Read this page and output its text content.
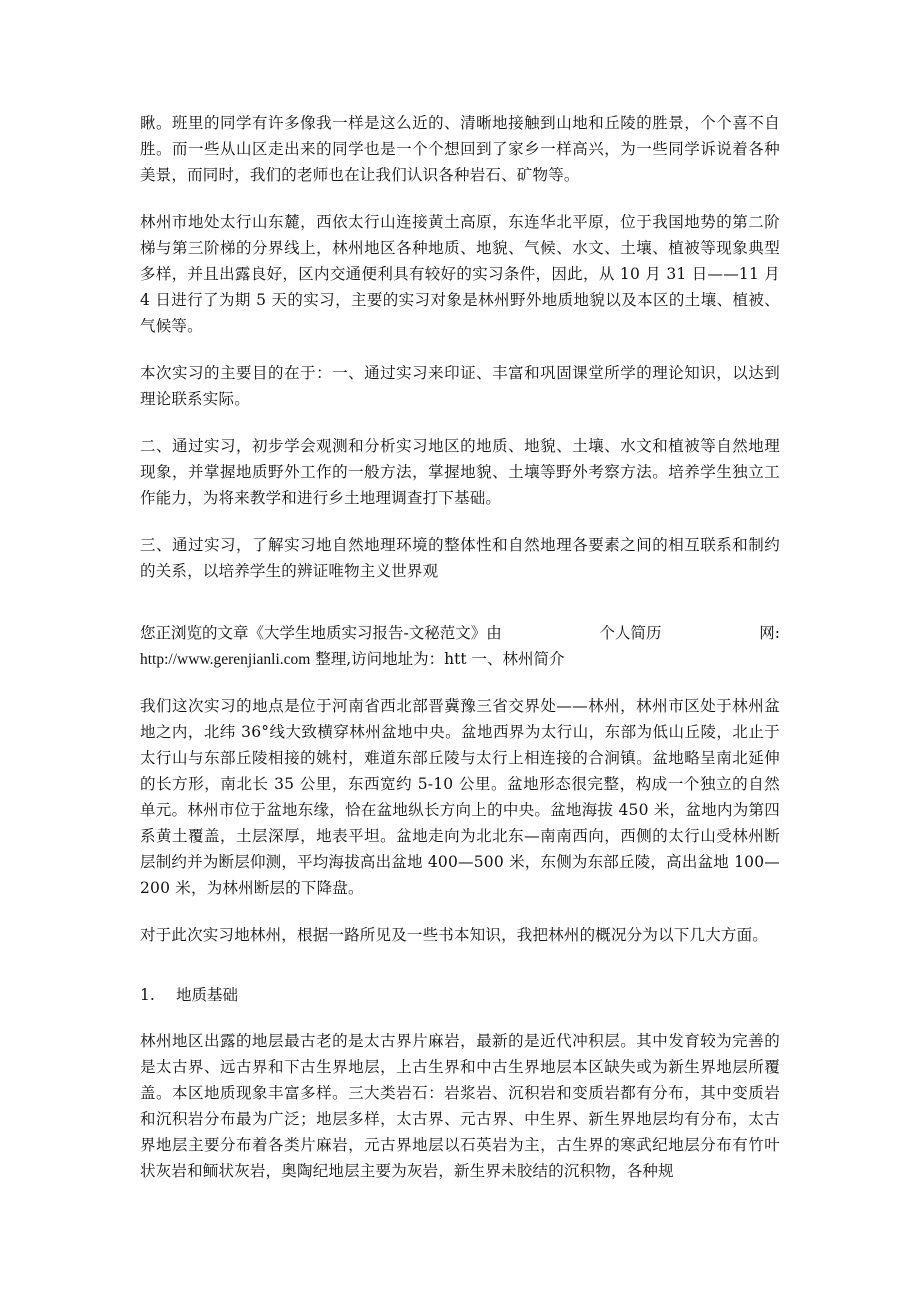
瞅。班里的同学有许多像我一样是这么近的、清晰地接触到山地和丘陵的胜景，个个喜不自胜。而一些从山区走出来的同学也是一个个想回到了家乡一样高兴，为一些同学诉说着各种美景，而同时，我们的老师也在让我们认识各种岩石、矿物等。

林州市地处太行山东麓，西依太行山连接黄土高原，东连华北平原，位于我国地势的第二阶梯与第三阶梯的分界线上，林州地区各种地质、地貌、气候、水文、土壤、植被等现象典型多样，并且出露良好，区内交通便利具有较好的实习条件，因此，从 10 月 31 日——11 月 4 日进行了为期 5 天的实习，主要的实习对象是林州野外地质地貌以及本区的土壤、植被、气候等。

本次实习的主要目的在于：一、通过实习来印证、丰富和巩固课堂所学的理论知识，以达到理论联系实际。

二、通过实习，初步学会观测和分析实习地区的地质、地貌、土壤、水文和植被等自然地理现象，并掌握地质野外工作的一般方法，掌握地貌、土壤等野外考察方法。培养学生独立工作能力，为将来教学和进行乡土地理调查打下基础。

三、通过实习，了解实习地自然地理环境的整体性和自然地理各要素之间的相互联系和制约的关系，以培养学生的辨证唯物主义世界观

您正浏览的文章《大学生地质实习报告-文秘范文》由	个人简历	网:
http://www.gerenjianli.com 整理,访问地址为：htt 一、林州简介

我们这次实习的地点是位于河南省西北部晋冀豫三省交界处——林州，林州市区处于林州盆地之内，北纬 36°线大致横穿林州盆地中央。盆地西界为太行山，东部为低山丘陵，北止于太行山与东部丘陵相接的姚村，难道东部丘陵与太行上相连接的合涧镇。盆地略呈南北延伸的长方形，南北长 35 公里，东西宽约 5-10 公里。盆地形态很完整，构成一个独立的自然单元。林州市位于盆地东缘，恰在盆地纵长方向上的中央。盆地海拔 450 米，盆地内为第四系黄土覆盖，土层深厚，地表平坦。盆地走向为北北东—南南西向，西侧的太行山受林州断层制约并为断层仰测，平均海拔高出盆地 400—500 米，东侧为东部丘陵，高出盆地 100—200 米，为林州断层的下降盘。

对于此次实习地林州，根据一路所见及一些书本知识，我把林州的概况分为以下几大方面。

1. 地质基础

林州地区出露的地层最古老的是太古界片麻岩，最新的是近代冲积层。其中发育较为完善的是太古界、远古界和下古生界地层，上古生界和中古生界地层本区缺失或为新生界地层所覆盖。本区地质现象丰富多样。三大类岩石：岩浆岩、沉积岩和变质岩都有分布，其中变质岩和沉积岩分布最为广泛；地层多样，太古界、元古界、中生界、新生界地层均有分布，太古界地层主要分布着各类片麻岩，元古界地层以石英岩为主，古生界的寒武纪地层分布有竹叶状灰岩和鲕状灰岩，奥陶纪地层主要为灰岩，新生界未胶结的沉积物，各种规
